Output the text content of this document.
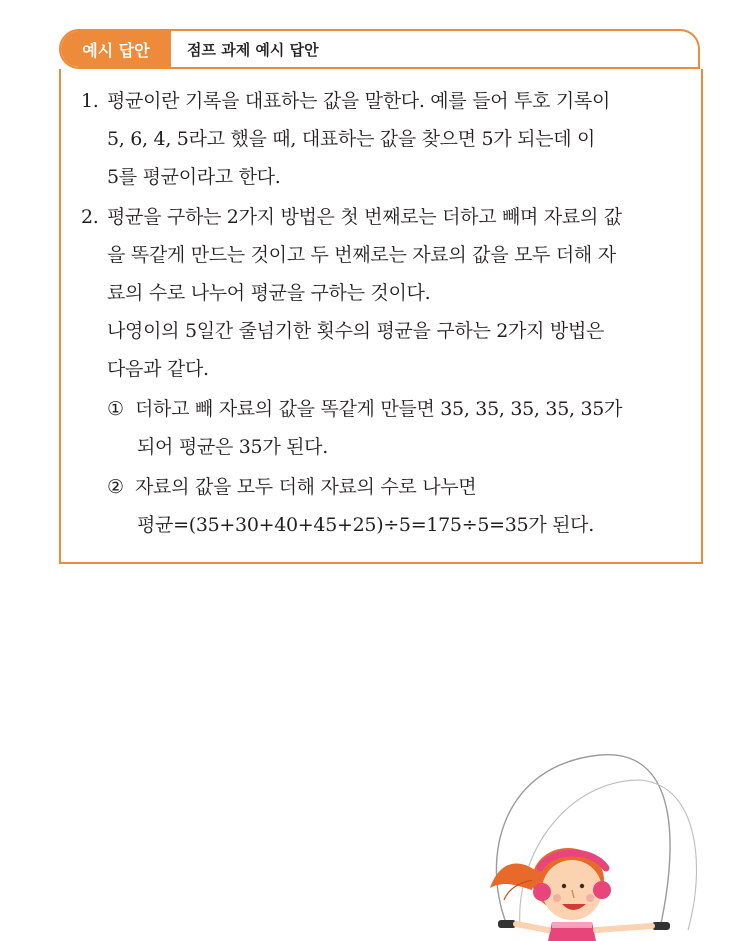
예시 답안	점프 과제 예시 답안
1. 평균이란 기록을 대표하는 값을 말한다. 예를 들어 투호 기록이
5, 6, 4, 5라고 했을 때, 대표하는 값을 찾으면 5가 되는데 이
5를 평균이라고 한다.
2. 평균을 구하는 2가지 방법은 첫 번째로는 더하고 빼며 자료의 값
을 똑같게 만드는 것이고 두 번째로는 자료의 값을 모두 더해 자
료의 수로 나누어 평균을 구하는 것이다.
나영이의 5일간 줄넘기한 횟수의 평균을 구하는 2가지 방법은
다음과 같다.
① 더하고 빼 자료의 값을 똑같게 만들면 35, 35, 35, 35, 35가
되어 평균은 35가 된다.
② 자료의 값을 모두 더해 자료의 수로 나누면
평균=(35+30+40+45+25)÷5=175÷5=35가 된다.
